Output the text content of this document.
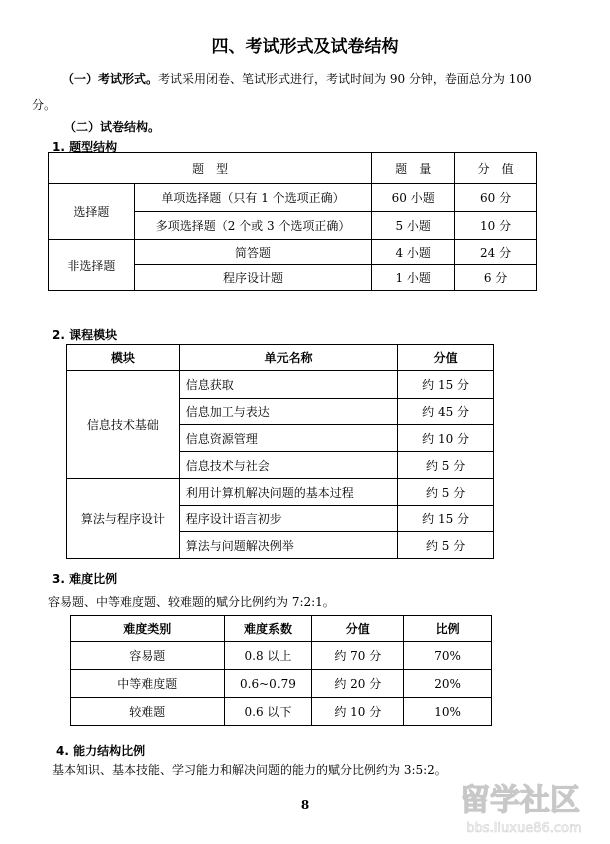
四、考试形式及试卷结构
（一）考试形式。考试采用闭卷、笔试形式进行，考试时间为 90 分钟，卷面总分为 100
分。
（二）试卷结构。
1. 题型结构
题　型		题　量	分　值
选择题	单项选择题（只有 1 个选项正确）	60 小题	60 分
	多项选择题（2 个或 3 个选项正确）	5 小题	10 分
非选择题	简答题	4 小题	24 分
	程序设计题	1 小题	6 分
2. 课程模块
模块	单元名称	分值
信息技术基础	信息获取	约 15 分
	信息加工与表达	约 45 分
	信息资源管理	约 10 分
	信息技术与社会	约 5 分
算法与程序设计	利用计算机解决问题的基本过程	约 5 分
	程序设计语言初步	约 15 分
	算法与问题解决例举	约 5 分
3. 难度比例
容易题、中等难度题、较难题的赋分比例约为 7:2:1。
难度类别	难度系数	分值	比例
容易题	0.8 以上	约 70 分	70%
中等难度题	0.6~0.79	约 20 分	20%
较难题	0.6 以下	约 10 分	10%
4. 能力结构比例
基本知识、基本技能、学习能力和解决问题的能力的赋分比例约为 3:5:2。
8	留学社区
bbs.liuxue86.com
